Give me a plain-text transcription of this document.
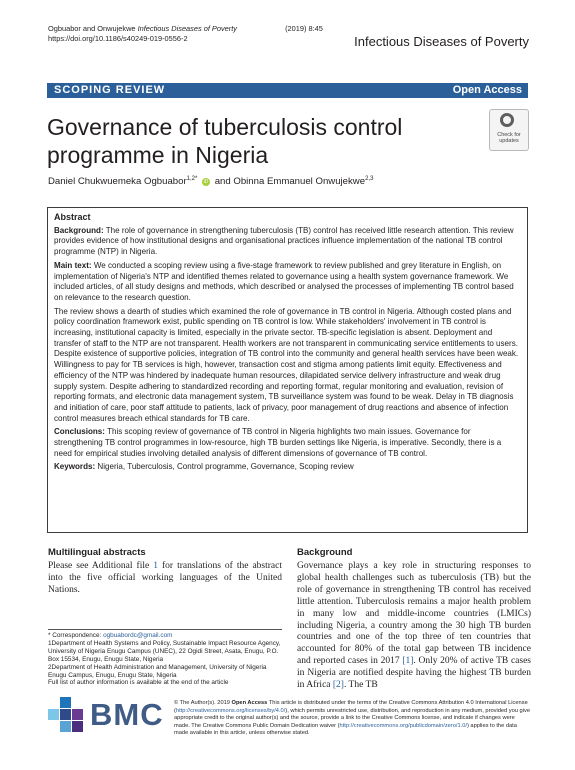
Ogbuabor and Onwujekwe Infectious Diseases of Poverty	(2019) 8:45
https://doi.org/10.1186/s40249-019-0556-2	Infectious Diseases of Poverty
SCOPING REVIEW	Open Access
Governance of tuberculosis control programme in Nigeria
Check for
updates
Daniel Chukwuemeka Ogbuabor$^{1,2*}$ iD and Obinna Emmanuel Onwujekwe$^{2,3}$
Abstract

Background: The role of governance in strengthening tuberculosis (TB) control has received little research attention. This review provides evidence of how institutional designs and organisational practices influence implementation of the national TB control programme (NTP) in Nigeria.

Main text: We conducted a scoping review using a five-stage framework to review published and grey literature in English, on implementation of Nigeria's NTP and identified themes related to governance using a health system governance framework. We included articles, of all study designs and methods, which described or analysed the processes of implementing TB control based on relevance to the research question.

The review shows a dearth of studies which examined the role of governance in TB control in Nigeria. Although costed plans and policy coordination framework exist, public spending on TB control is low. While stakeholders' involvement in TB control is increasing, institutional capacity is limited, especially in the private sector. TB-specific legislation is absent. Deployment and transfer of staff to the NTP are not transparent. Health workers are not transparent in communicating service entitlements to users. Despite existence of supportive policies, integration of TB control into the community and general health services have been weak. Willingness to pay for TB services is high, however, transaction cost and stigma among patients limit equity. Effectiveness and efficiency of the NTP was hindered by inadequate human resources, dilapidated service delivery infrastructure and weak drug supply system. Despite adhering to standardized recording and reporting format, regular monitoring and evaluation, revision of reporting formats, and electronic data management system, TB surveillance system was found to be weak. Delay in TB diagnosis and initiation of care, poor staff attitude to patients, lack of privacy, poor management of drug reactions and absence of infection control measures breach ethical standards for TB care.

Conclusions: This scoping review of governance of TB control in Nigeria highlights two main issues. Governance for strengthening TB control programmes in low-resource, high TB burden settings like Nigeria, is imperative. Secondly, there is a need for empirical studies involving detailed analysis of different dimensions of governance of TB control.

Keywords: Nigeria, Tuberculosis, Control programme, Governance, Scoping review

Multilingual abstracts
Please see Additional file 1 for translations of the abstract into the five official working languages of the United Nations.
Background
Governance plays a key role in structuring responses to global health challenges such as tuberculosis (TB) but the role of governance in strengthening TB control has received little attention. Tuberculosis remains a major health problem in many low and middle-income countries (LMICs) including Nigeria, a country among the 30 high TB burden countries and one of the top three of ten countries that accounted for 80% of the total gap between TB incidence and reported cases in 2017 [1]. Only 20% of active TB cases in Nigeria are notified despite having the highest TB burden in Africa [2]. The TB
* Correspondence: ogbuabordc@gmail.com
1Department of Health Systems and Policy, Sustainable Impact Resource Agency, University of Nigeria Enugu Campus (UNEC), 22 Ogidi Street, Asata, Enugu, P.O. Box 15534, Enugu, Enugu State, Nigeria
2Department of Health Administration and Management, University of Nigeria Enugu Campus, Enugu, Enugu State, Nigeria
Full list of author information is available at the end of the article
BMC © The Author(s). 2019 Open Access This article is distributed under the terms of the Creative Commons Attribution 4.0 International License (http://creativecommons.org/licenses/by/4.0/), which permits unrestricted use, distribution, and reproduction in any medium, provided you give appropriate credit to the original author(s) and the source, provide a link to the Creative Commons license, and indicate if changes were made. The Creative Commons Public Domain Dedication waiver (http://creativecommons.org/publicdomain/zero/1.0/) applies to the data made available in this article, unless otherwise stated.
